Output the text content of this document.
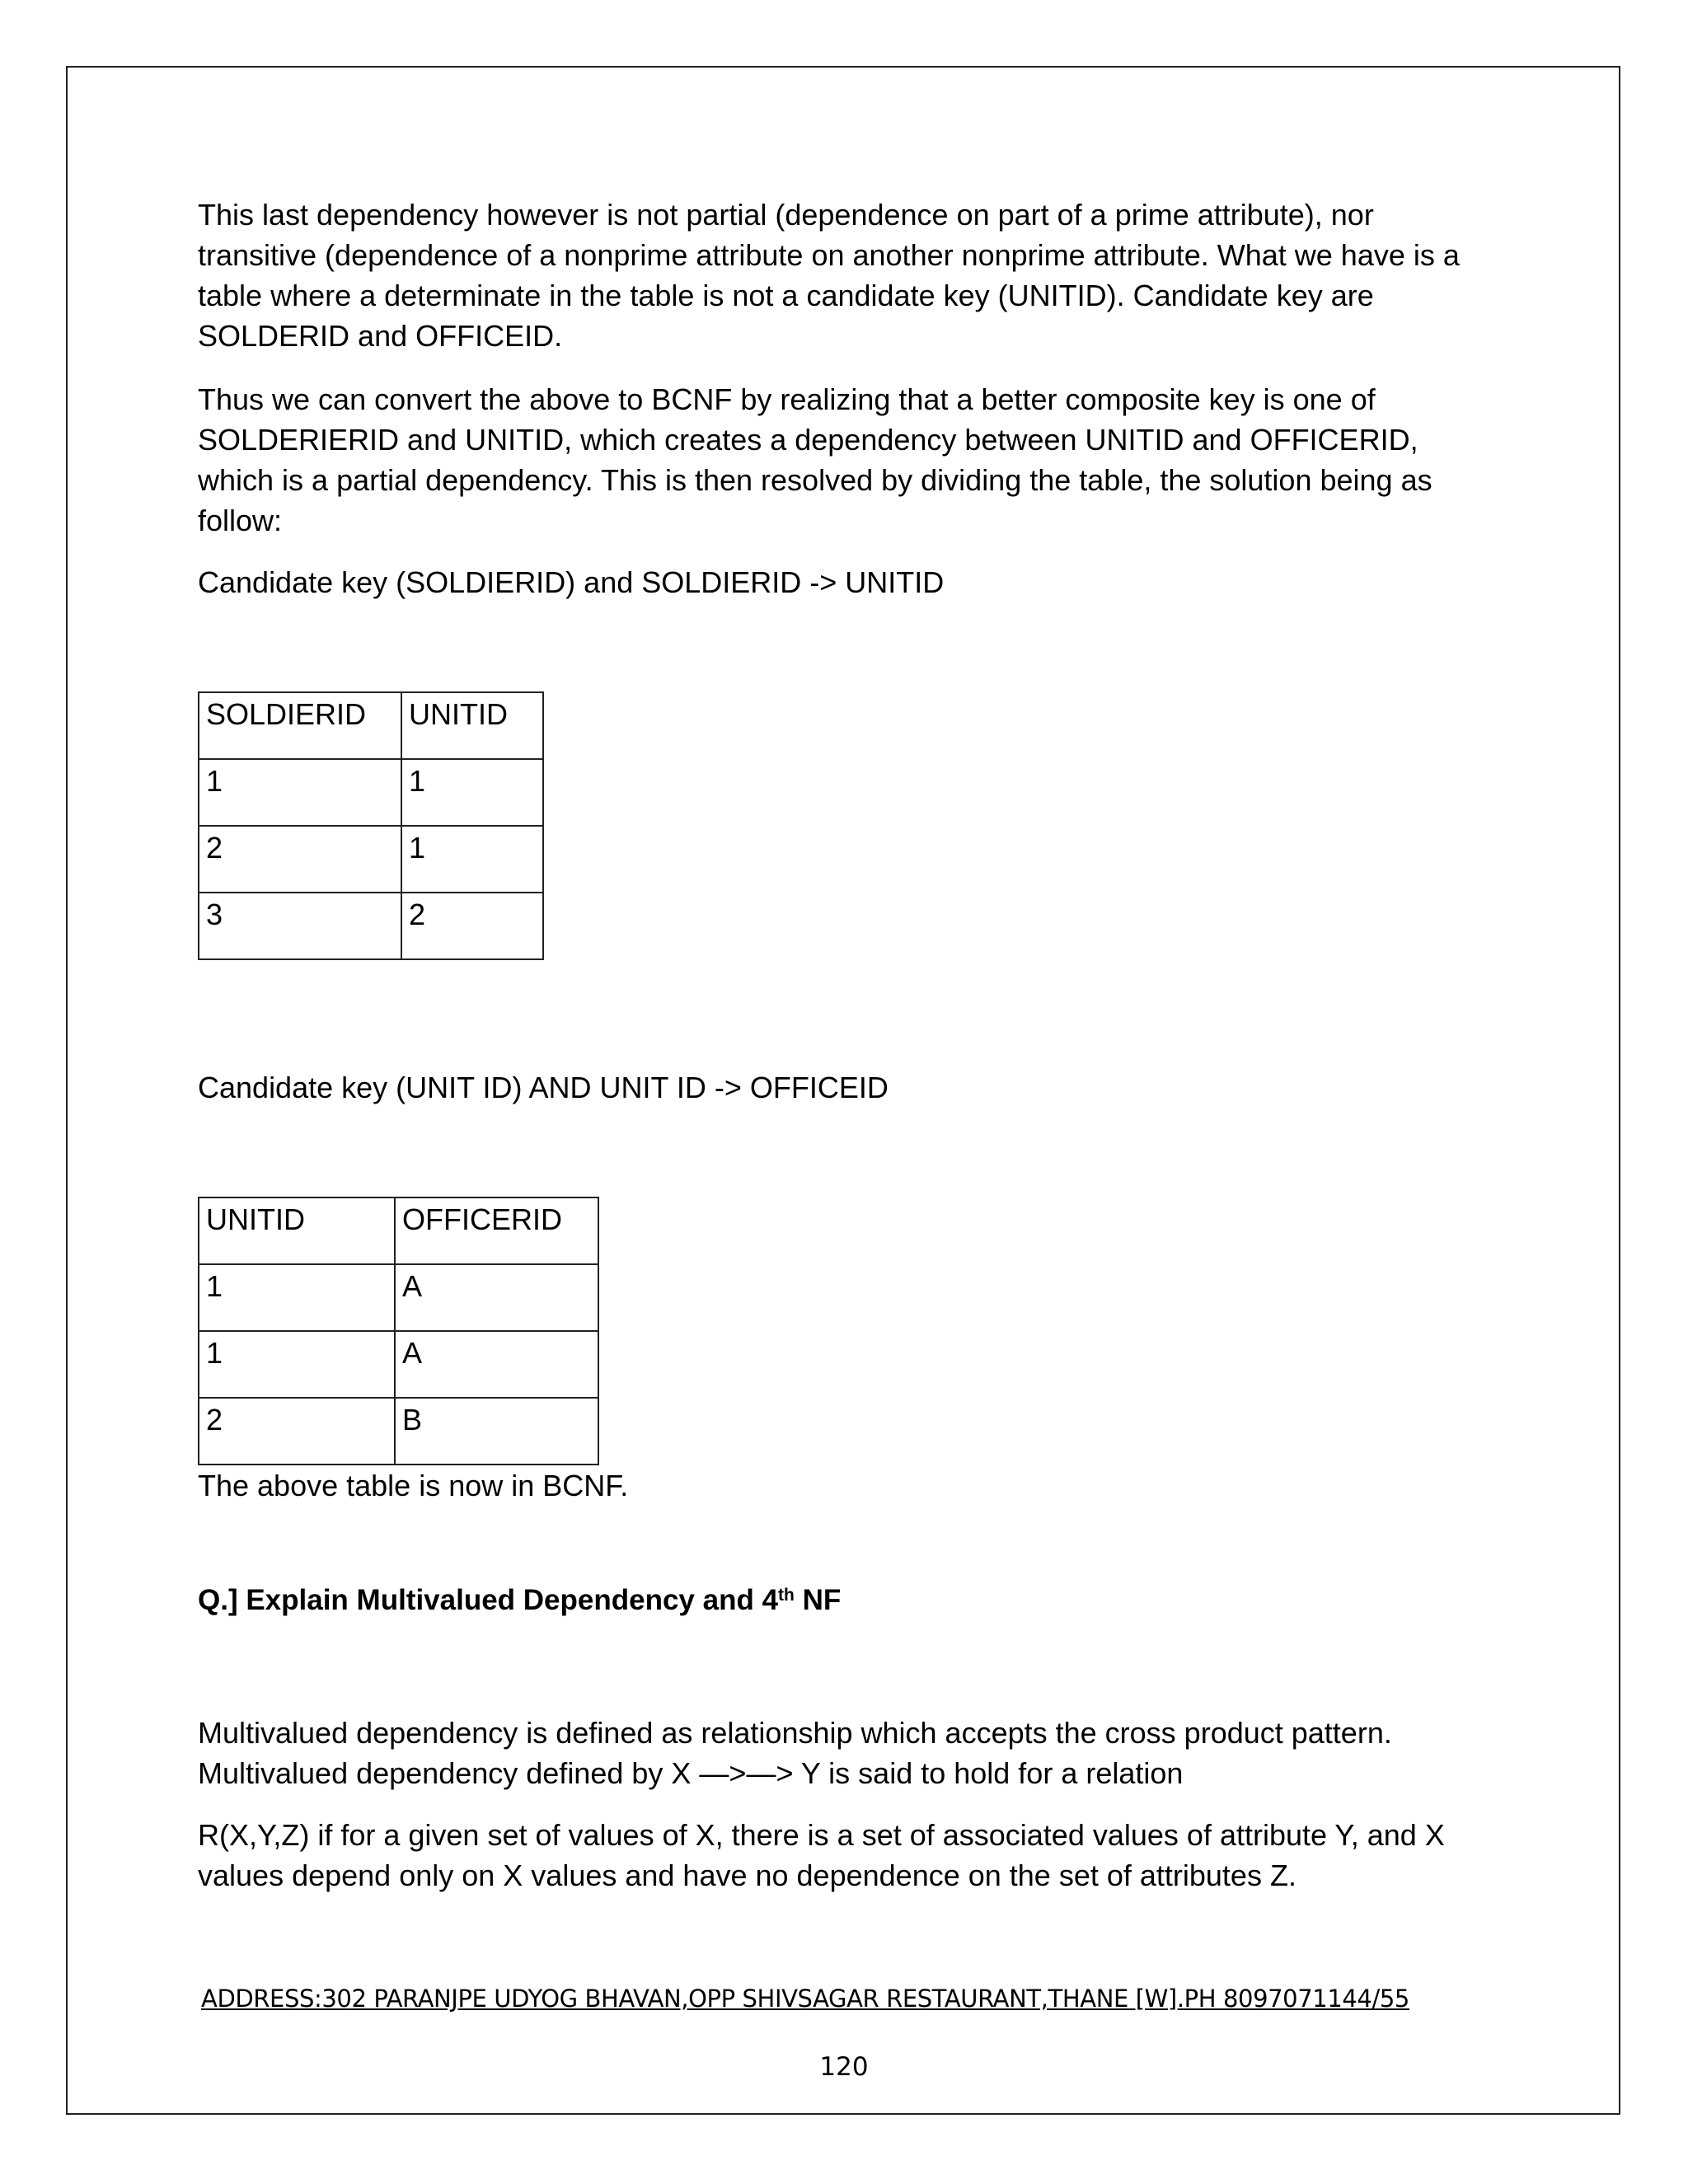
This last dependency however is not partial (dependence on part of a prime attribute), nor transitive (dependence of a nonprime attribute on another nonprime attribute. What we have is a table where a determinate in the table is not a candidate key (UNITID). Candidate key are SOLDERID and OFFICEID.

Thus we can convert the above to BCNF by realizing that a better composite key is one of SOLDERIERID and UNITID, which creates a dependency between UNITID and OFFICERID, which is a partial dependency. This is then resolved by dividing the table, the solution being as follow:

Candidate key (SOLDIERID) and SOLDIERID -> UNITID

SOLDIERID	UNITID
1	1
2	1
3	2

Candidate key (UNIT ID) AND UNIT ID -> OFFICEID

UNITID	OFFICERID
1	A
1	A
2	B

The above table is now in BCNF.

Q.] Explain Multivalued Dependency and 4th NF

Multivalued dependency is defined as relationship which accepts the cross product pattern. Multivalued dependency defined by X —>—> Y is said to hold for a relation

R(X,Y,Z) if for a given set of values of X, there is a set of associated values of attribute Y, and X values depend only on X values and have no dependence on the set of attributes Z.

ADDRESS:302 PARANJPE UDYOG BHAVAN,OPP SHIVSAGAR RESTAURANT,THANE [W].PH 8097071144/55
120
